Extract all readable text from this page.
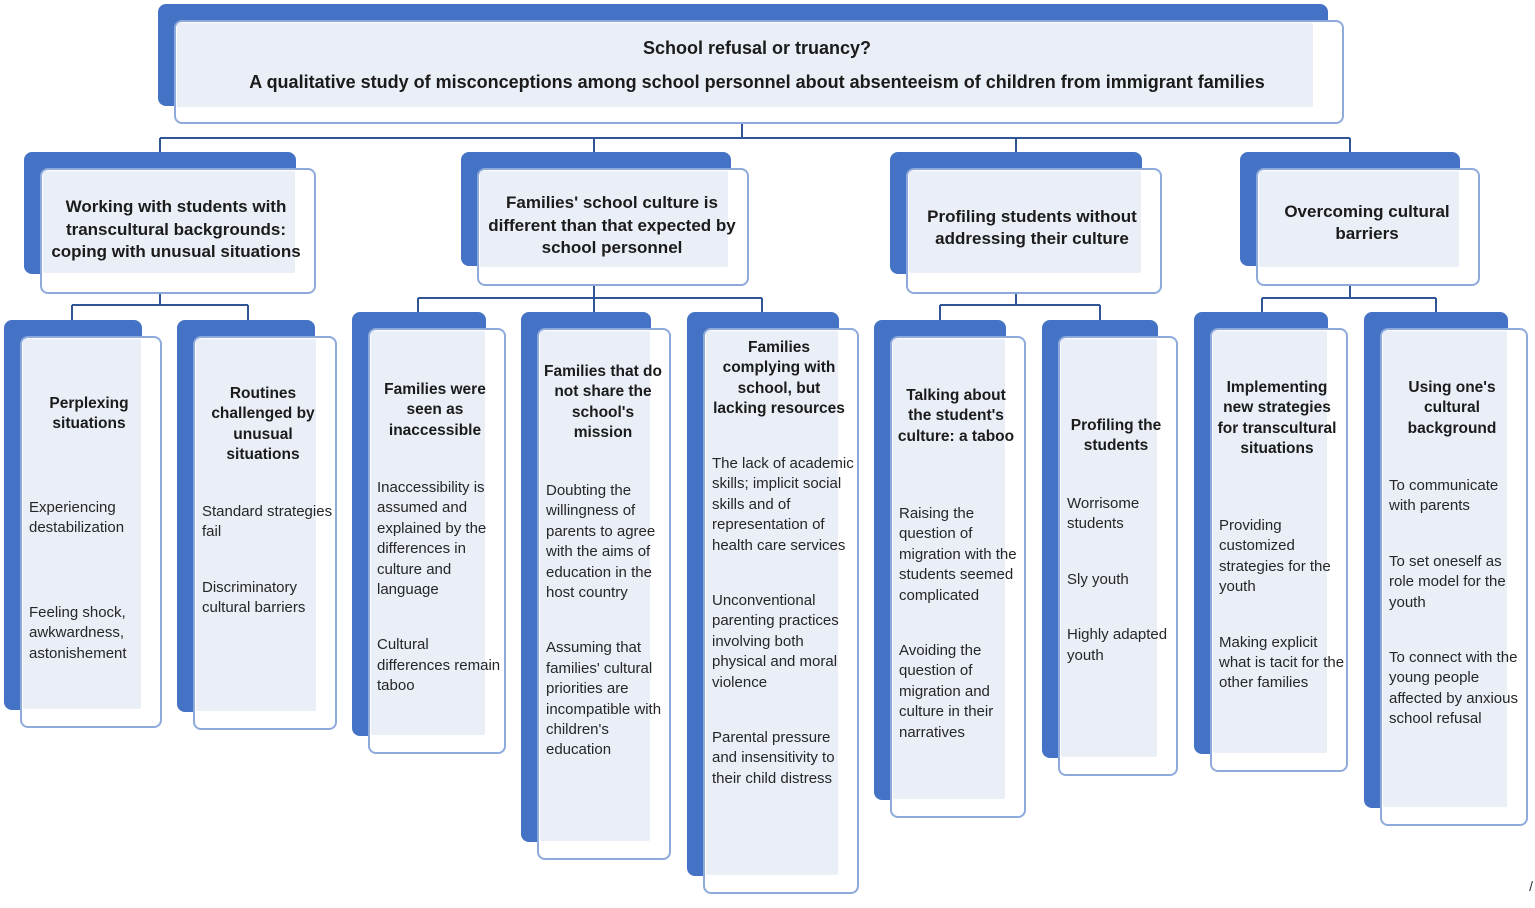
School refusal or truancy?
A qualitative study of misconceptions among school personnel about absenteeism of children from immigrant families
Working with students with transcultural backgrounds: coping with unusual situations
Families' school culture is different than that expected by school personnel
Profiling students without addressing their culture
Overcoming cultural barriers
Perplexing situations
Experiencing destabilization
Feeling shock, awkwardness, astonishement
Routines challenged by unusual situations
Standard strategies fail
Discriminatory cultural barriers
Families were seen as inaccessible
Inaccessibility is assumed and explained by the differences in culture and language
Cultural differences remain taboo
Families that do not share the school's mission
Doubting the willingness of parents to agree with the aims of education in the host country
Assuming that families' cultural priorities are incompatible with children's education
Families complying with school, but lacking resources
The lack of academic skills; implicit social skills and of representation of health care services
Unconventional parenting practices involving both physical and moral violence
Parental pressure and insensitivity to their child distress
Talking about the student's culture: a taboo
Raising the question of migration with the students seemed complicated
Avoiding the question of migration and culture in their narratives
Profiling the students
Worrisome students
Sly youth
Highly adapted youth
Implementing new strategies for transcultural situations
Providing customized strategies for the youth
Making explicit what is tacit for the other families
Using one's cultural background
To communicate with parents
To set oneself as role model for the youth
To connect with the young people affected by anxious school refusal
/
